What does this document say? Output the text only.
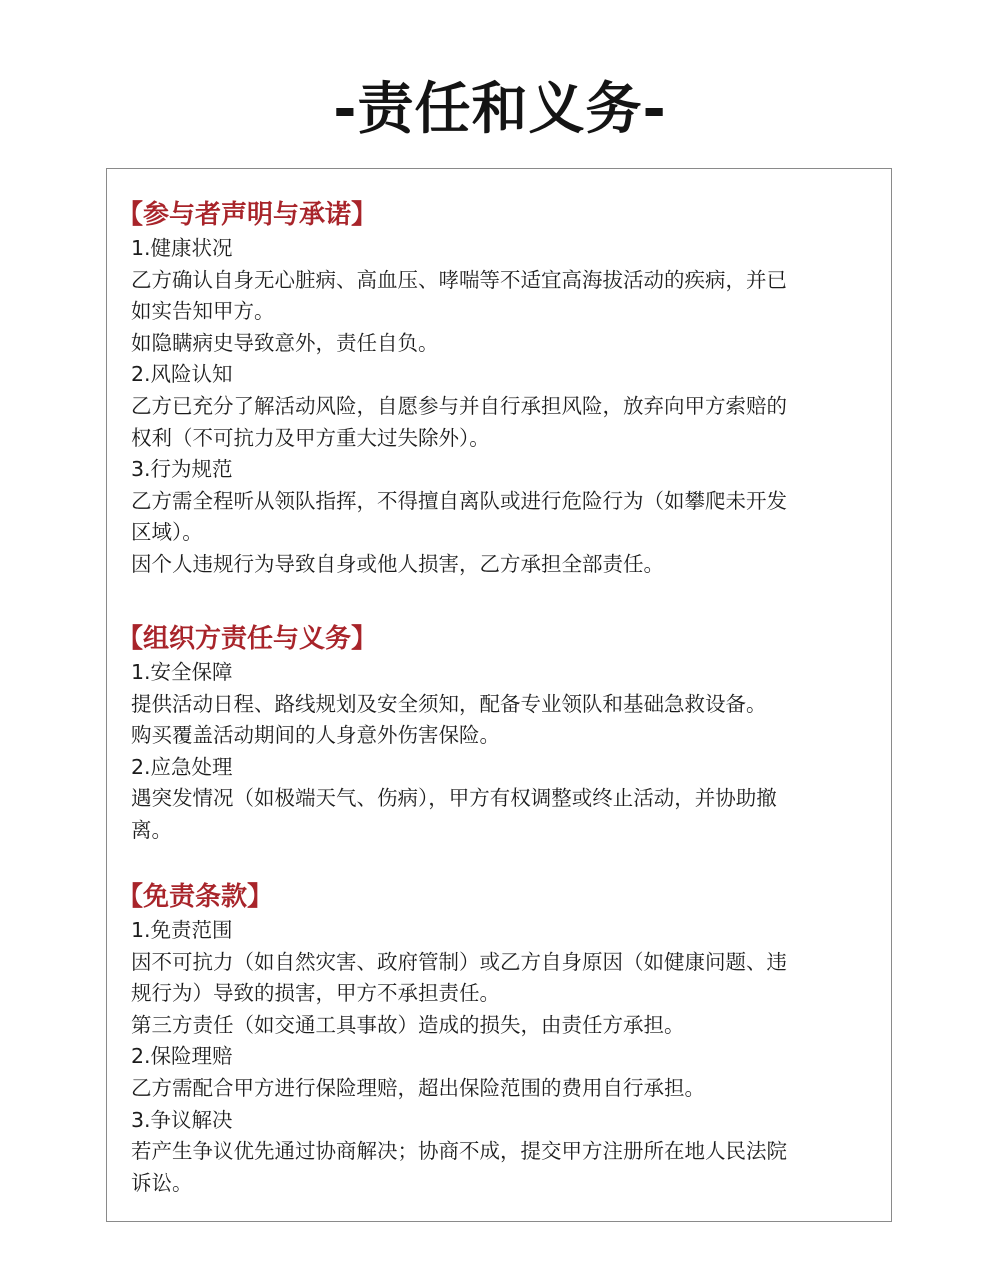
-责任和义务-
【参与者声明与承诺】
1.健康状况
乙方确认自身无心脏病、高血压、哮喘等不适宜高海拔活动的疾病，并已
如实告知甲方。
如隐瞒病史导致意外，责任自负。
2.风险认知
乙方已充分了解活动风险，自愿参与并自行承担风险，放弃向甲方索赔的
权利（不可抗力及甲方重大过失除外）。
3.行为规范
乙方需全程听从领队指挥，不得擅自离队或进行危险行为（如攀爬未开发
区域）。
因个人违规行为导致自身或他人损害，乙方承担全部责任。
【组织方责任与义务】
1.安全保障
提供活动日程、路线规划及安全须知，配备专业领队和基础急救设备。
购买覆盖活动期间的人身意外伤害保险。
2.应急处理
遇突发情况（如极端天气、伤病），甲方有权调整或终止活动，并协助撤
离。
【免责条款】
1.免责范围
因不可抗力（如自然灾害、政府管制）或乙方自身原因（如健康问题、违
规行为）导致的损害，甲方不承担责任。
第三方责任（如交通工具事故）造成的损失，由责任方承担。
2.保险理赔
乙方需配合甲方进行保险理赔，超出保险范围的费用自行承担。
3.争议解决
若产生争议优先通过协商解决；协商不成，提交甲方注册所在地人民法院
诉讼。
